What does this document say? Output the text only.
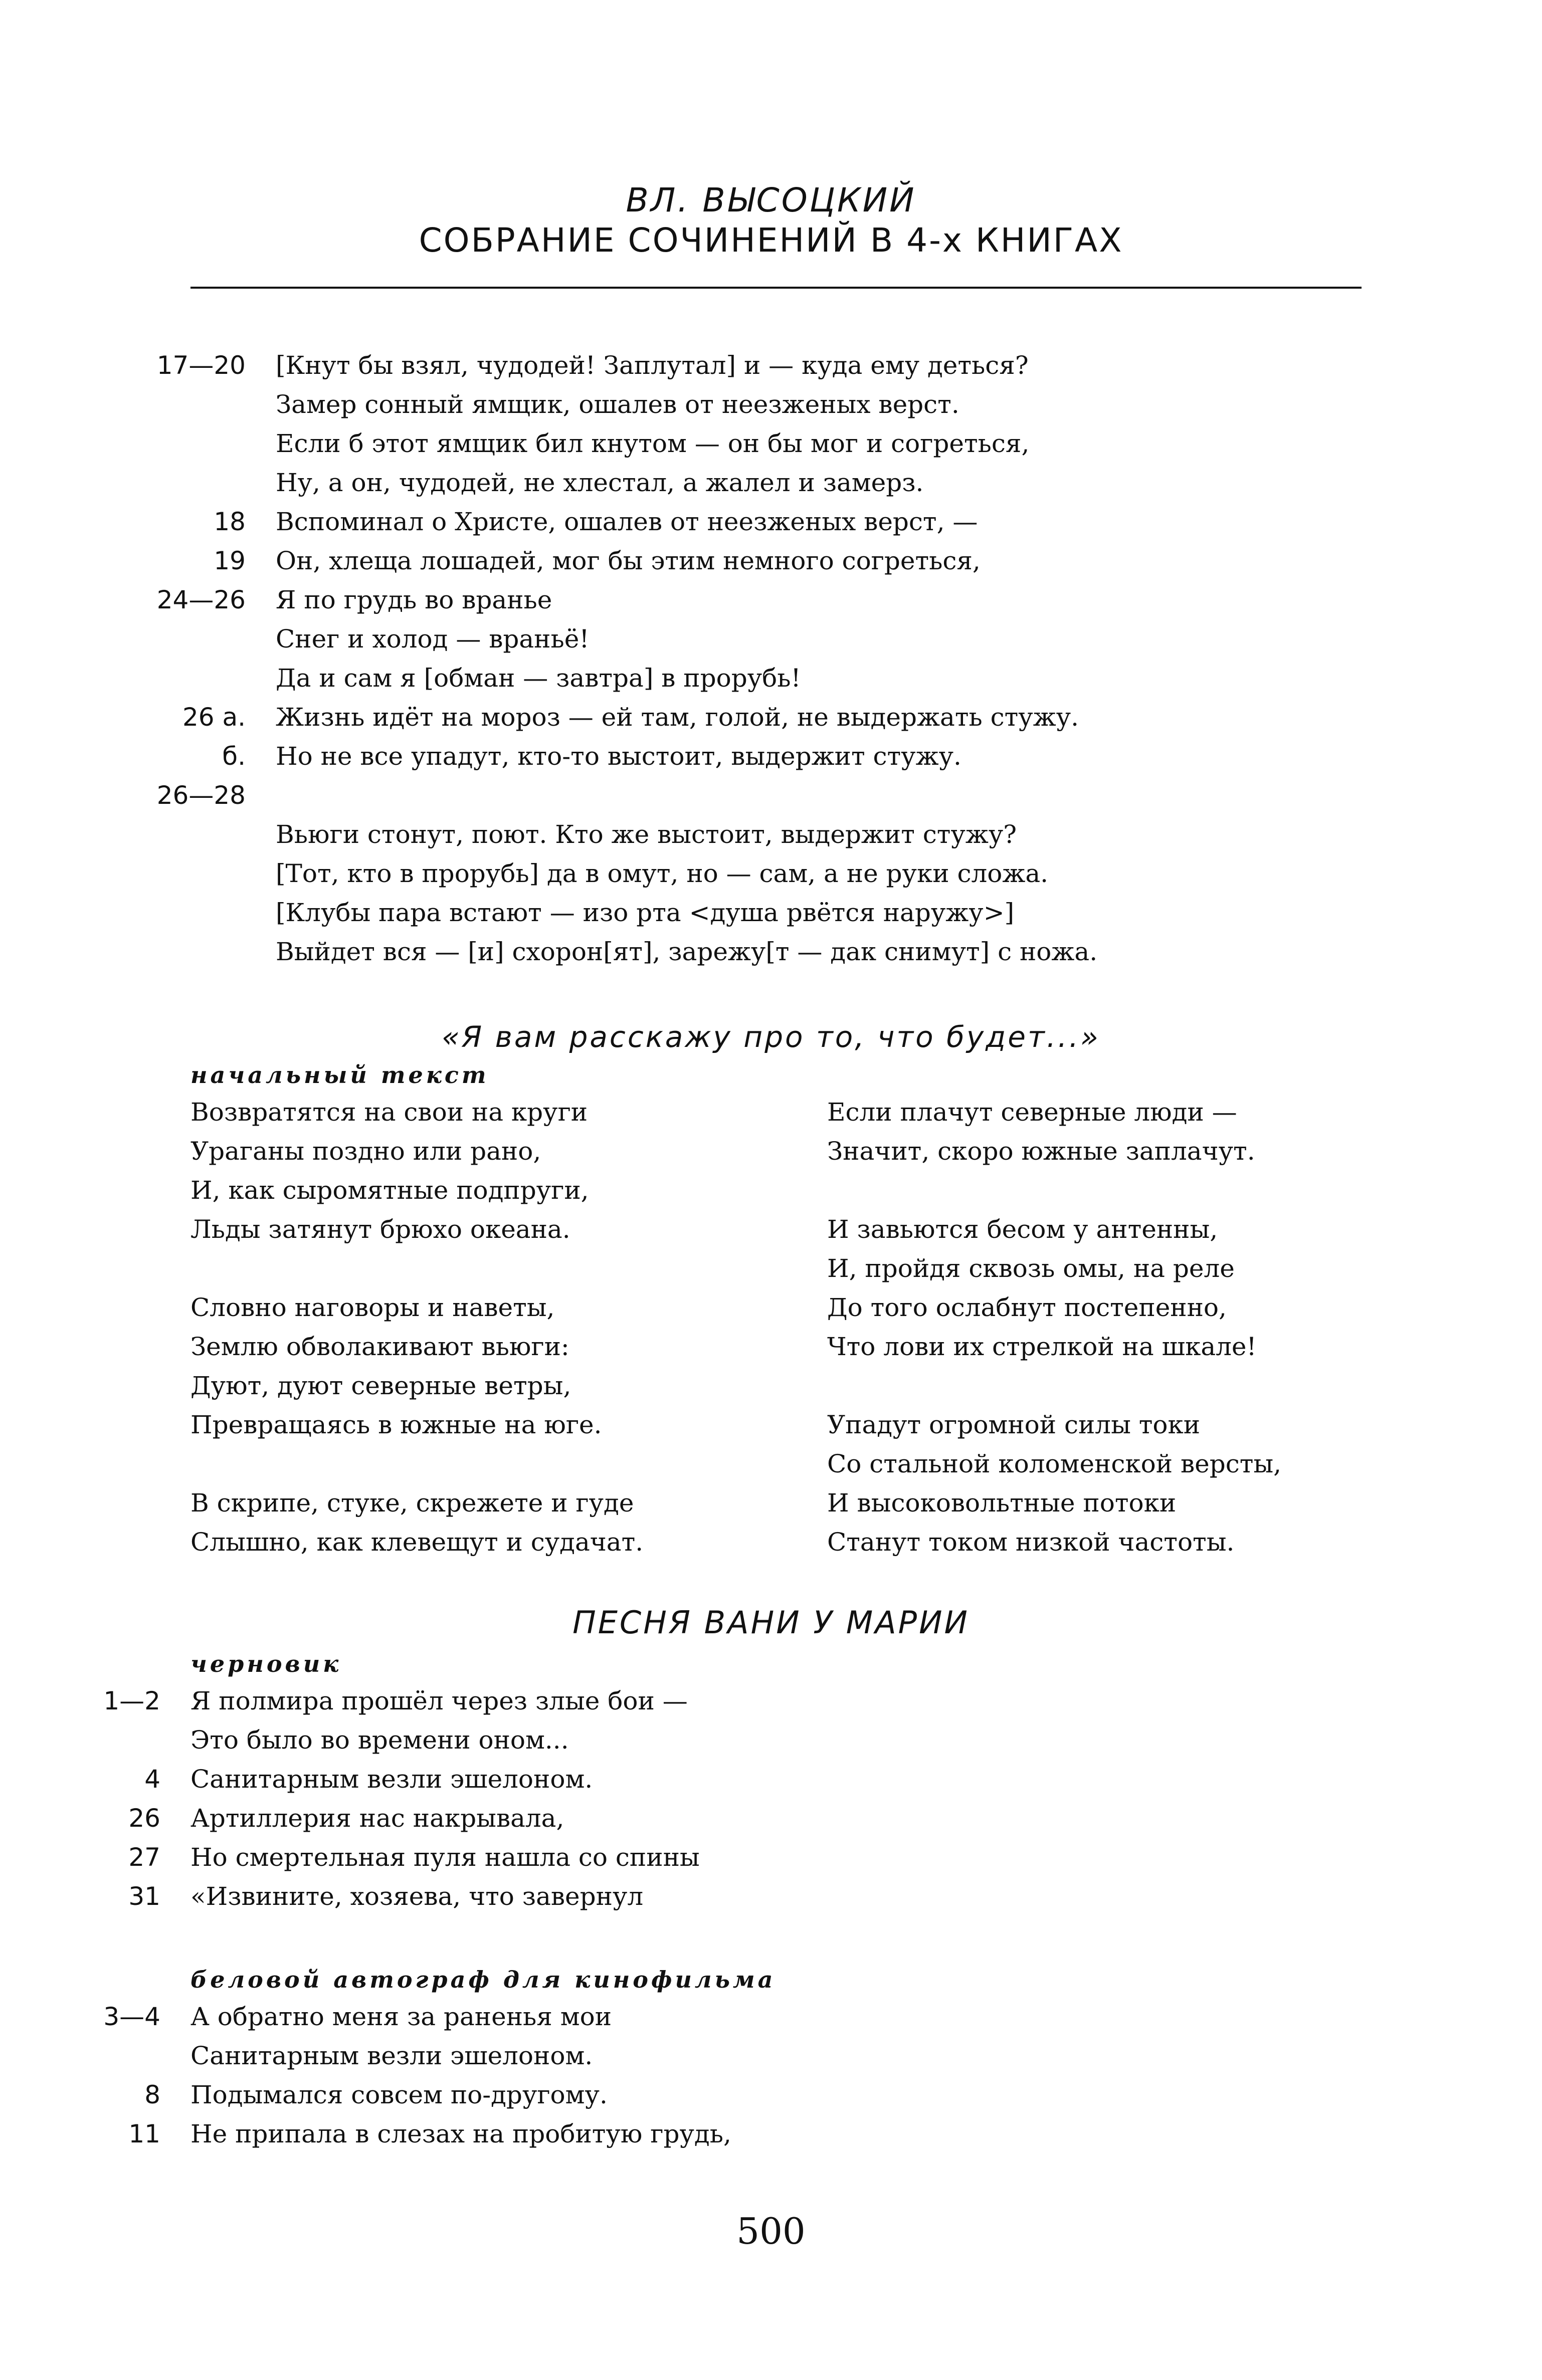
ВЛ. ВЫСОЦКИЙ
СОБРАНИЕ СОЧИНЕНИЙ В 4-х КНИГАХ
17—20 [Кнут бы взял, чудодей! Заплутал] и — куда ему деться?
Замер сонный ямщик, ошалев от неезженых верст.
Если б этот ямщик бил кнутом — он бы мог и согреться,
Ну, а он, чудодей, не хлестал, а жалел и замерз.
18 Вспоминал о Христе, ошалев от неезженых верст, —
19 Он, хлеща лошадей, мог бы этим немного согреться,
24—26 Я по грудь во вранье
Снег и холод — враньё!
Да и сам я [обман — завтра] в прорубь!
26 а. Жизнь идёт на мороз — ей там, голой, не выдержать стужу.
б. Но не все упадут, кто-то выстоит, выдержит стужу.
26—28
Вьюги стонут, поют. Кто же выстоит, выдержит стужу?
[Тот, кто в прорубь] да в омут, но — сам, а не руки сложа.
[Клубы пара встают — изо рта <душа рвётся наружу>]
Выйдет вся — [и] схорон[ят], зарежу[т — дак снимут] с ножа.
«Я вам расскажу про то, что будет...»
начальный текст
Возвратятся на свои на круги
Ураганы поздно или рано,
И, как сыромятные подпруги,
Льды затянут брюхо океана.
Словно наговоры и наветы,
Землю обволакивают вьюги:
Дуют, дуют северные ветры,
Превращаясь в южные на юге.
В скрипе, стуке, скрежете и гуде
Слышно, как клевещут и судачат.
Если плачут северные люди —
Значит, скоро южные заплачут.
И завьются бесом у антенны,
И, пройдя сквозь омы, на реле
До того ослабнут постепенно,
Что лови их стрелкой на шкале!
Упадут огромной силы токи
Со стальной коломенской версты,
И высоковольтные потоки
Станут током низкой частоты.
ПЕСНЯ ВАНИ У МАРИИ
черновик
1—2 Я полмира прошёл через злые бои —
Это было во времени оном...
4 Санитарным везли эшелоном.
26 Артиллерия нас накрывала,
27 Но смертельная пуля нашла со спины
31 «Извините, хозяева, что завернул
беловой автограф для кинофильма
3—4 А обратно меня за раненья мои
Санитарным везли эшелоном.
8 Подымался совсем по-другому.
11 Не припала в слезах на пробитую грудь,
500
